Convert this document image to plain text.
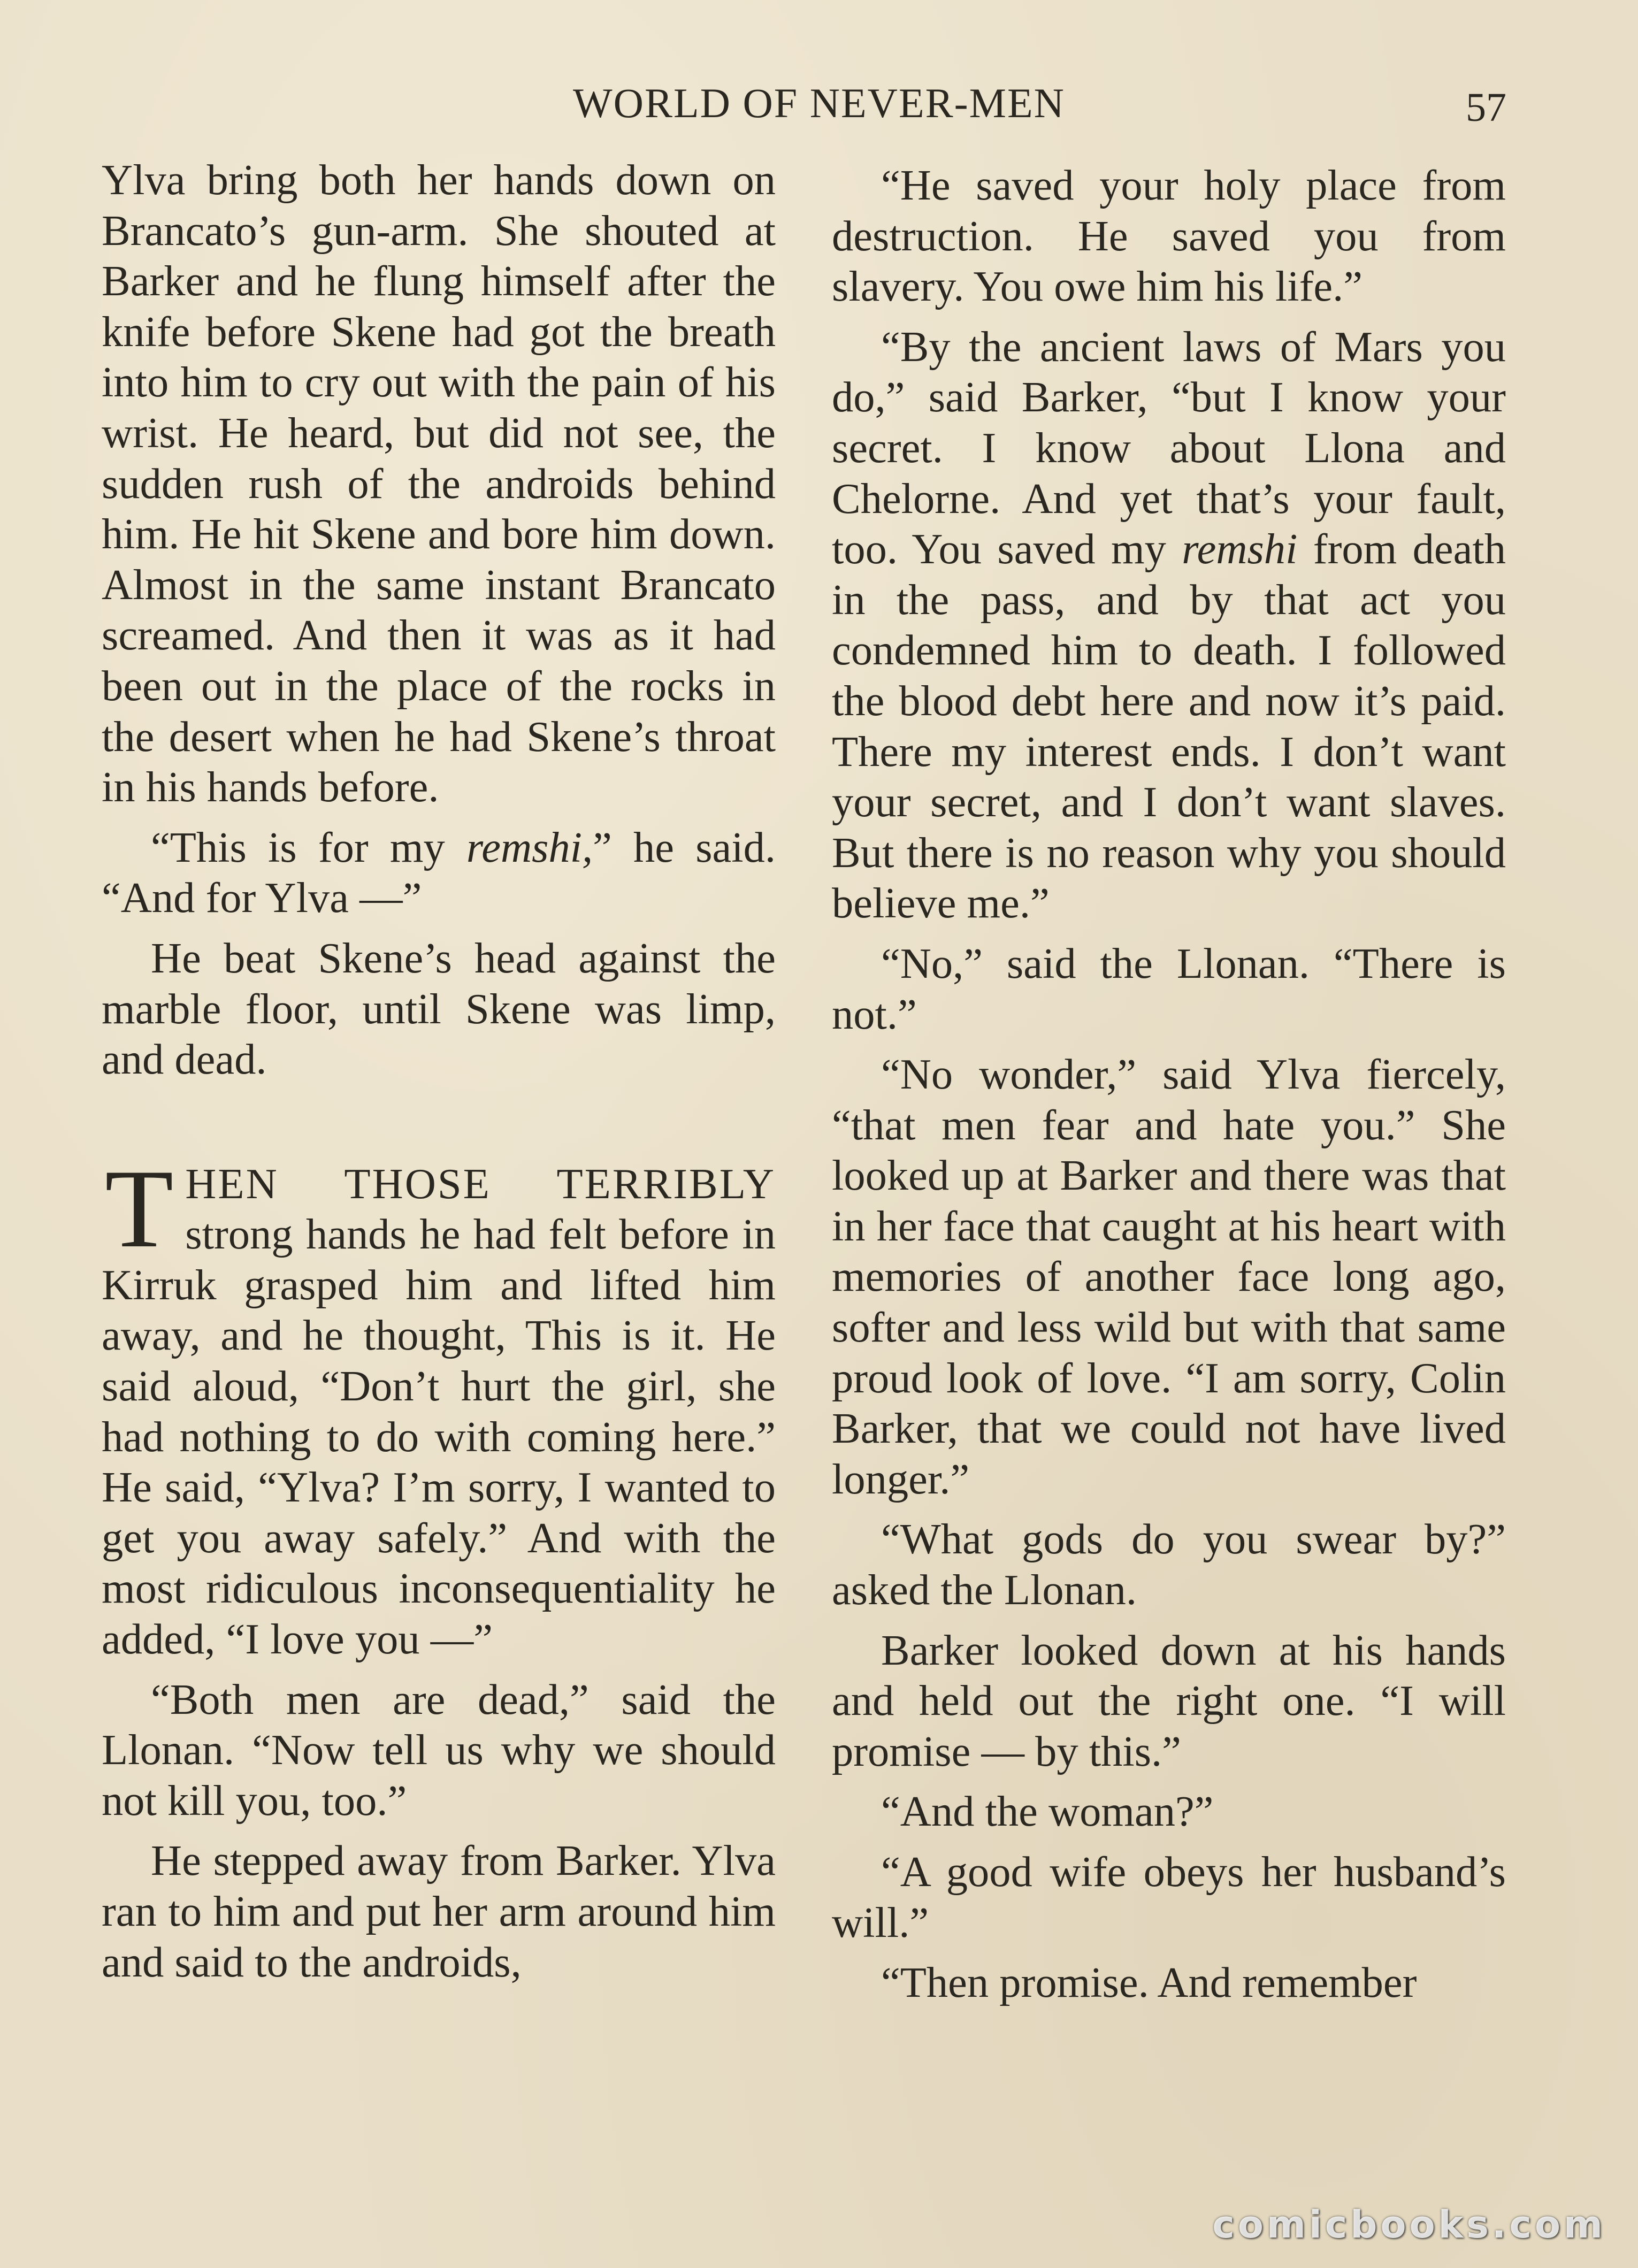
WORLD OF NEVER-MEN	57

Ylva bring both her hands down on Brancato’s gun-arm. She shouted at Barker and he flung himself after the knife before Skene had got the breath into him to cry out with the pain of his wrist. He heard, but did not see, the sudden rush of the androids behind him. He hit Skene and bore him down. Almost in the same instant Brancato screamed. And then it was as it had been out in the place of the rocks in the desert when he had Skene’s throat in his hands before.

“This is for my remshi,” he said. “And for Ylva —”

He beat Skene’s head against the marble floor, until Skene was limp, and dead.

THEN THOSE TERRIBLY strong hands he had felt before in Kirruk grasped him and lifted him away, and he thought, This is it. He said aloud, “Don’t hurt the girl, she had nothing to do with coming here.” He said, “Ylva? I’m sorry, I wanted to get you away safely.” And with the most ridiculous inconsequentiality he added, “I love you —”

“Both men are dead,” said the Llonan. “Now tell us why we should not kill you, too.”

He stepped away from Barker. Ylva ran to him and put her arm around him and said to the androids,

“He saved your holy place from destruction. He saved you from slavery. You owe him his life.”

“By the ancient laws of Mars you do,” said Barker, “but I know your secret. I know about Llona and Chelorne. And yet that’s your fault, too. You saved my remshi from death in the pass, and by that act you condemned him to death. I followed the blood debt here and now it’s paid. There my interest ends. I don’t want your secret, and I don’t want slaves. But there is no reason why you should believe me.”

“No,” said the Llonan. “There is not.”

“No wonder,” said Ylva fiercely, “that men fear and hate you.” She looked up at Barker and there was that in her face that caught at his heart with memories of another face long ago, softer and less wild but with that same proud look of love. “I am sorry, Colin Barker, that we could not have lived longer.”

“What gods do you swear by?” asked the Llonan.

Barker looked down at his hands and held out the right one. “I will promise — by this.”

“And the woman?”

“A good wife obeys her husband’s will.”

“Then promise. And remember

comicbooks.com
